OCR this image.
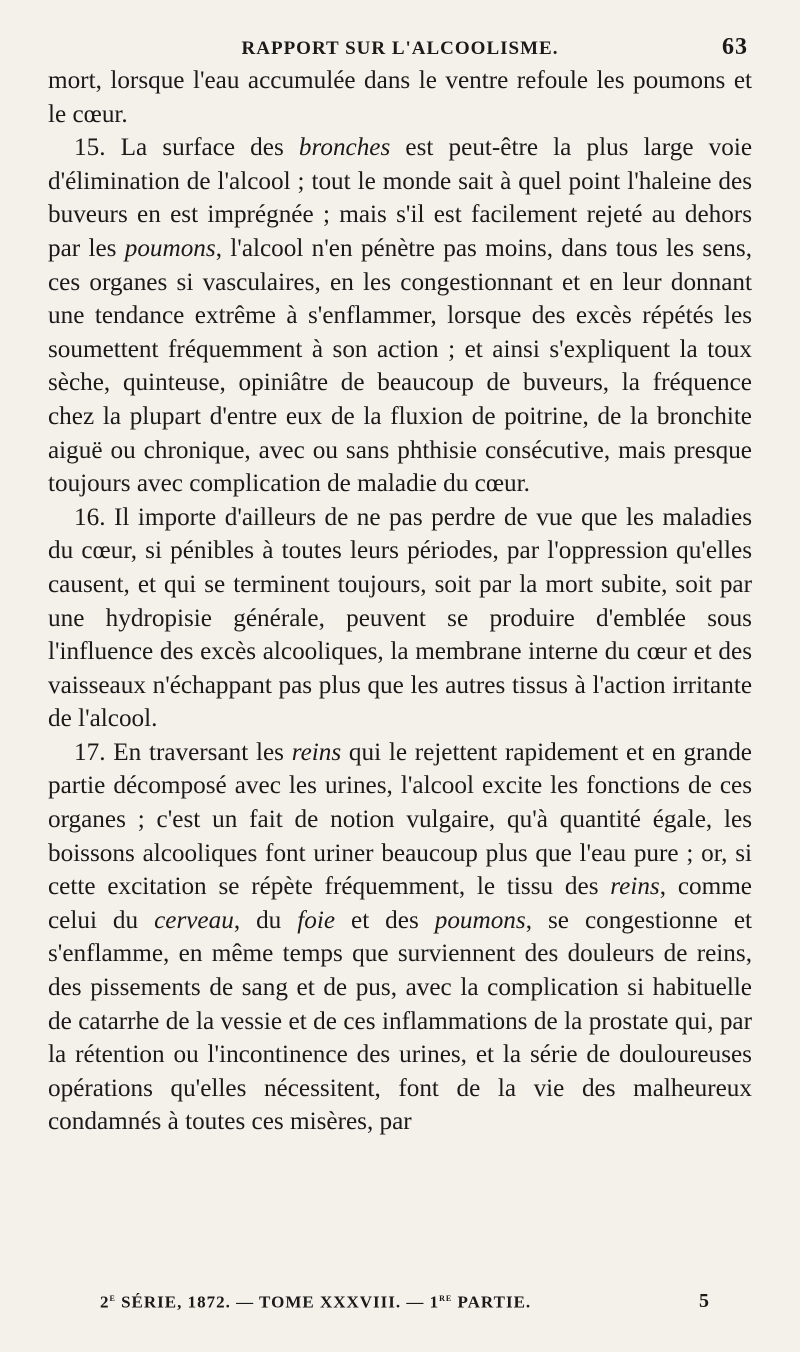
RAPPORT SUR L'ALCOOLISME.	63

mort, lorsque l'eau accumulée dans le ventre refoule les poumons et le cœur.

15. La surface des bronches est peut-être la plus large voie d'élimination de l'alcool ; tout le monde sait à quel point l'haleine des buveurs en est imprégnée ; mais s'il est facilement rejeté au dehors par les poumons, l'alcool n'en pénètre pas moins, dans tous les sens, ces organes si vasculaires, en les congestionnant et en leur donnant une tendance extrême à s'enflammer, lorsque des excès répétés les soumettent fréquemment à son action ; et ainsi s'expliquent la toux sèche, quinteuse, opiniâtre de beaucoup de buveurs, la fréquence chez la plupart d'entre eux de la fluxion de poitrine, de la bronchite aiguë ou chronique, avec ou sans phthisie consécutive, mais presque toujours avec complication de maladie du cœur.

16. Il importe d'ailleurs de ne pas perdre de vue que les maladies du cœur, si pénibles à toutes leurs périodes, par l'oppression qu'elles causent, et qui se terminent toujours, soit par la mort subite, soit par une hydropisie générale, peuvent se produire d'emblée sous l'influence des excès alcooliques, la membrane interne du cœur et des vaisseaux n'échappant pas plus que les autres tissus à l'action irritante de l'alcool.

17. En traversant les reins qui le rejettent rapidement et en grande partie décomposé avec les urines, l'alcool excite les fonctions de ces organes ; c'est un fait de notion vulgaire, qu'à quantité égale, les boissons alcooliques font uriner beaucoup plus que l'eau pure ; or, si cette excitation se répète fréquemment, le tissu des reins, comme celui du cerveau, du foie et des poumons, se congestionne et s'enflamme, en même temps que surviennent des douleurs de reins, des pissements de sang et de pus, avec la complication si habituelle de catarrhe de la vessie et de ces inflammations de la prostate qui, par la rétention ou l'incontinence des urines, et la série de douloureuses opérations qu'elles nécessitent, font de la vie des malheureux condamnés à toutes ces misères, par

2e SÉRIE, 1872. — TOME XXXVIII. — 1re PARTIE.	5
